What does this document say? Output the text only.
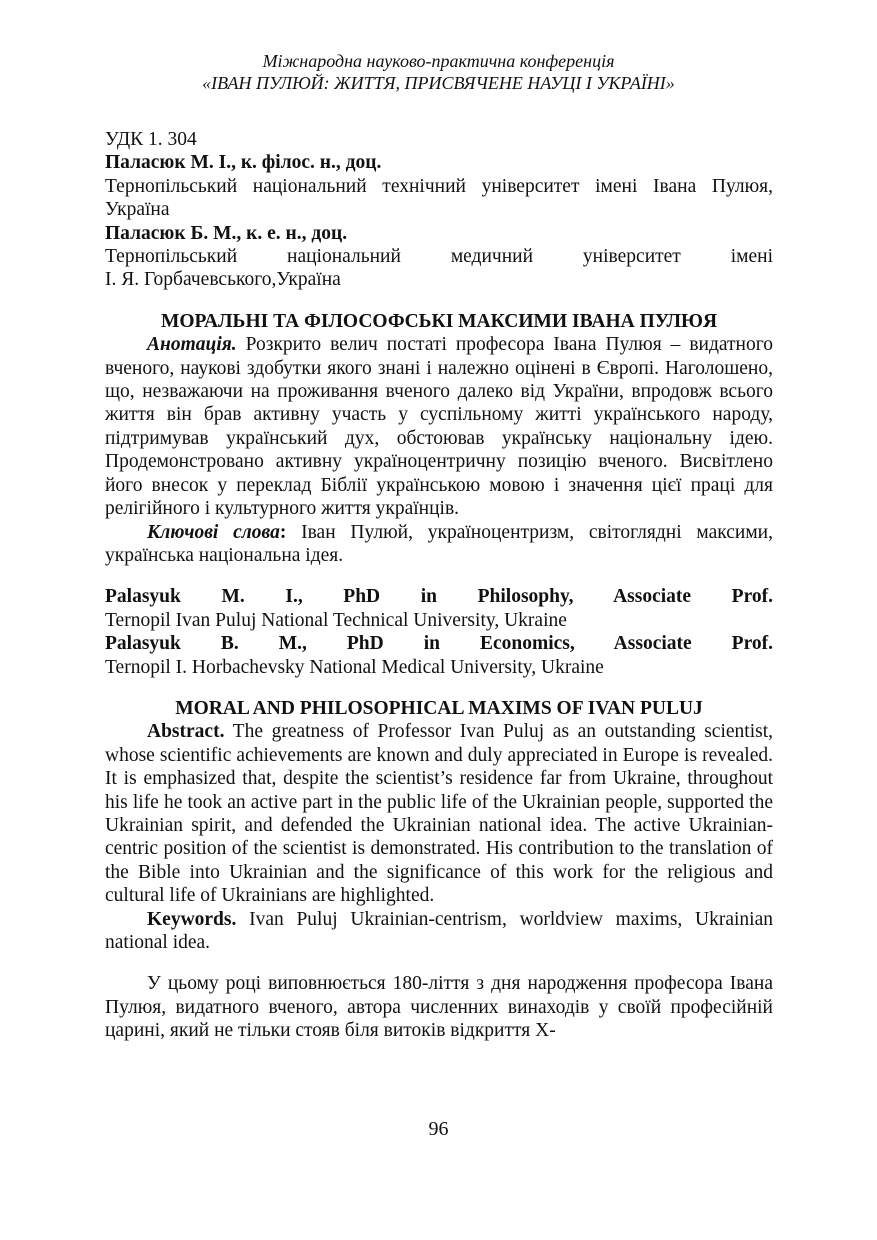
Міжнародна науково-практична конференція
«ІВАН ПУЛЮЙ: ЖИТТЯ, ПРИСВЯЧЕНЕ НАУЦІ І УКРАЇНІ»

УДК 1. 304

Паласюк М. І., к. філос. н., доц.

Тернопільський національний технічний університет імені Івана Пулюя,

Україна

Паласюк Б. М., к. е. н., доц.

Тернопільський національний медичний університет імені

І. Я. Горбачевського,Україна

МОРАЛЬНІ ТА ФІЛОСОФСЬКІ МАКСИМИ ІВАНА ПУЛЮЯ

Анотація. Розкрито велич постаті професора Івана Пулюя – видатного вченого, наукові здобутки якого знані і належно оцінені в Європі. Наголошено, що, незважаючи на проживання вченого далеко від України, впродовж всього життя він брав активну участь у суспільному житті українського народу, підтримував український дух, обстоював українську національну ідею. Продемонстровано активну україноцентричну позицію вченого. Висвітлено його внесок у переклад Біблії українською мовою і значення цієї праці для релігійного і культурного життя українців.

Ключові слова: Іван Пулюй, україноцентризм, світоглядні максими, українська національна ідея.

Palasyuk M. I., PhD in Philosophy, Associate Prof.

Ternopil Ivan Puluj National Technical University, Ukraine

Palasyuk B. M., PhD in Economics, Associate Prof.

Ternopil I. Horbachevsky National Medical University, Ukraine

MORAL AND PHILOSOPHICAL MAXIMS OF IVAN PULUJ

Abstract. The greatness of Professor Ivan Puluj as an outstanding scientist, whose scientific achievements are known and duly appreciated in Europe is revealed. It is emphasized that, despite the scientist’s residence far from Ukraine, throughout his life he took an active part in the public life of the Ukrainian people, supported the Ukrainian spirit, and defended the Ukrainian national idea. The active Ukrainian-centric position of the scientist is demonstrated. His contribution to the translation of the Bible into Ukrainian and the significance of this work for the religious and cultural life of Ukrainians are highlighted.

Keywords. Ivan Puluj Ukrainian-centrism, worldview maxims, Ukrainian national idea.

У цьому році виповнюється 180-ліття з дня народження професора Івана Пулюя, видатного вченого, автора численних винаходів у своїй професійній царині, який не тільки стояв біля витоків відкриття Х-

96
